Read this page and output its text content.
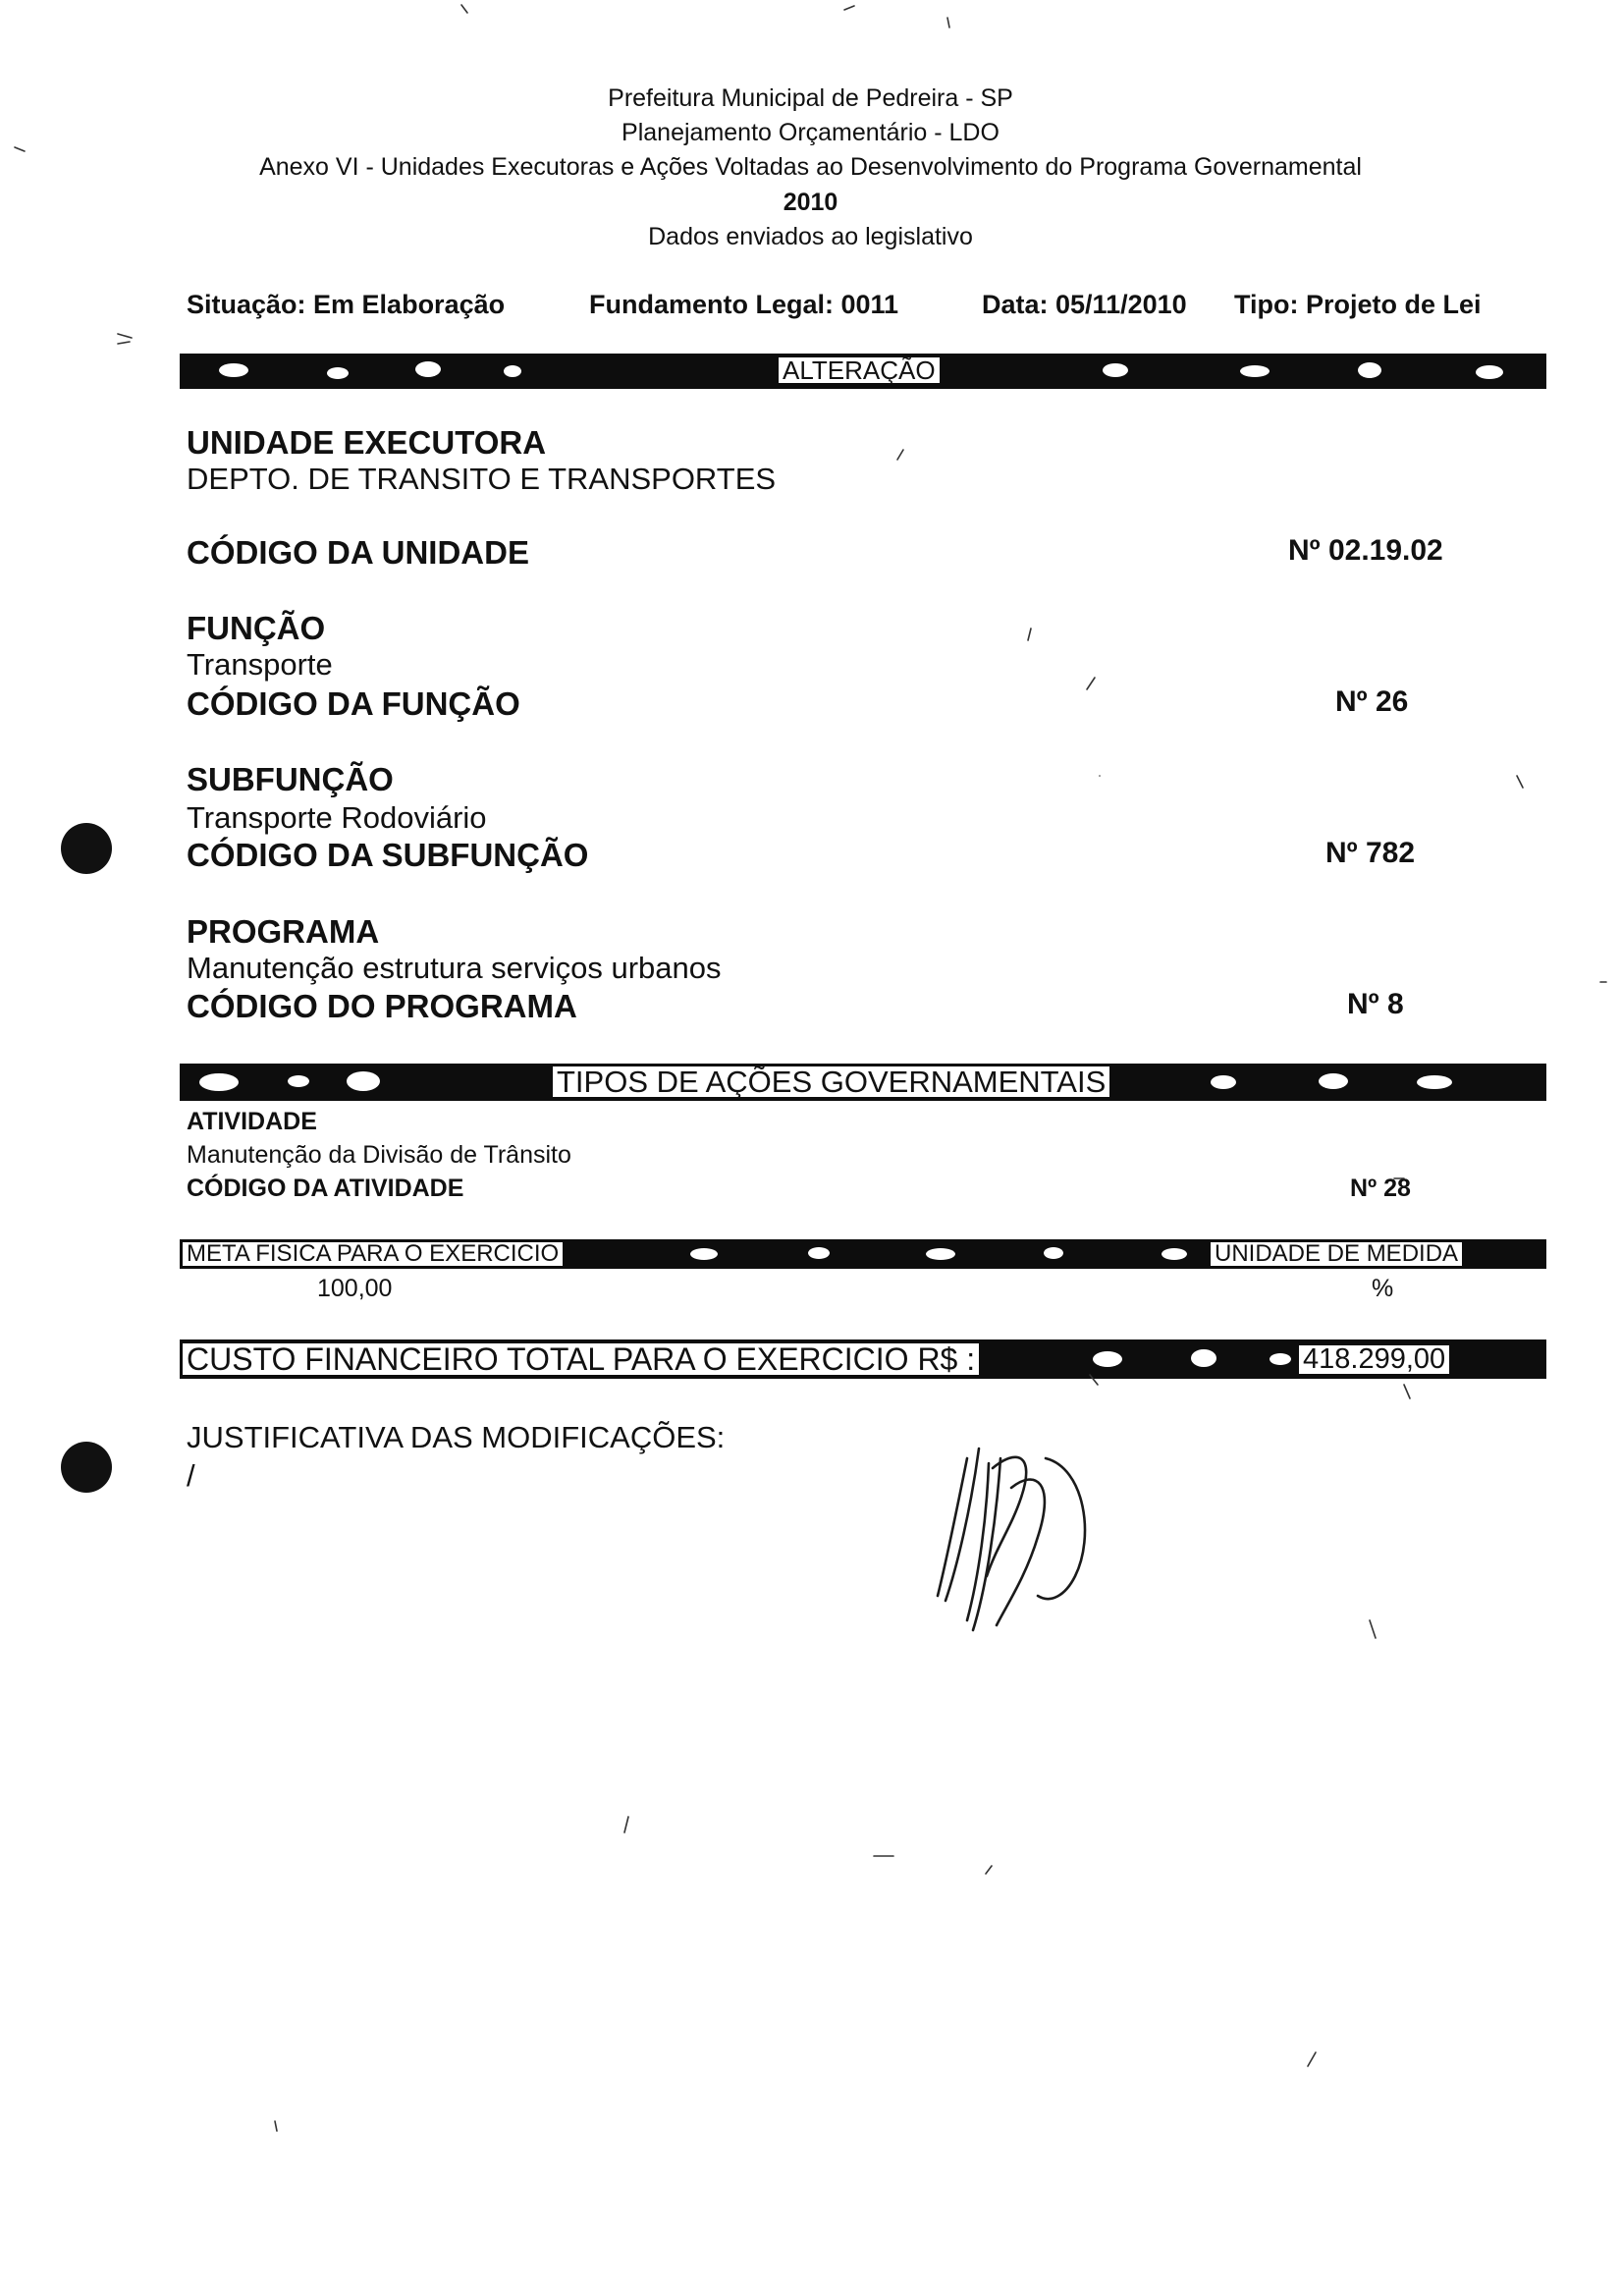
Prefeitura Municipal de Pedreira - SP
Planejamento Orçamentário - LDO
Anexo VI - Unidades Executoras e Ações Voltadas ao Desenvolvimento do Programa Governamental
2010
Dados enviados ao legislativo
Situação: Em Elaboração	Fundamento Legal: 0011	Data: 05/11/2010 Tipo: Projeto de Lei
ALTERAÇÃO
UNIDADE EXECUTORA
DEPTO. DE TRANSITO E TRANSPORTES
CÓDIGO DA UNIDADE	Nº 02.19.02
FUNÇÃO
Transporte
CÓDIGO DA FUNÇÃO	Nº 26
SUBFUNÇÃO
Transporte Rodoviário
CÓDIGO DA SUBFUNÇÃO	Nº 782
PROGRAMA
Manutenção estrutura serviços urbanos
CÓDIGO DO PROGRAMA	Nº 8
TIPOS DE AÇÕES GOVERNAMENTAIS
ATIVIDADE
Manutenção da Divisão de Trânsito
CÓDIGO DA ATIVIDADE	Nº 28
META FISICA PARA O EXERCICIO	UNIDADE DE MEDIDA
100,00	%
CUSTO FINANCEIRO TOTAL PARA O EXERCICIO R$ :	418.299,00
JUSTIFICATIVA DAS MODIFICAÇÕES:
/
